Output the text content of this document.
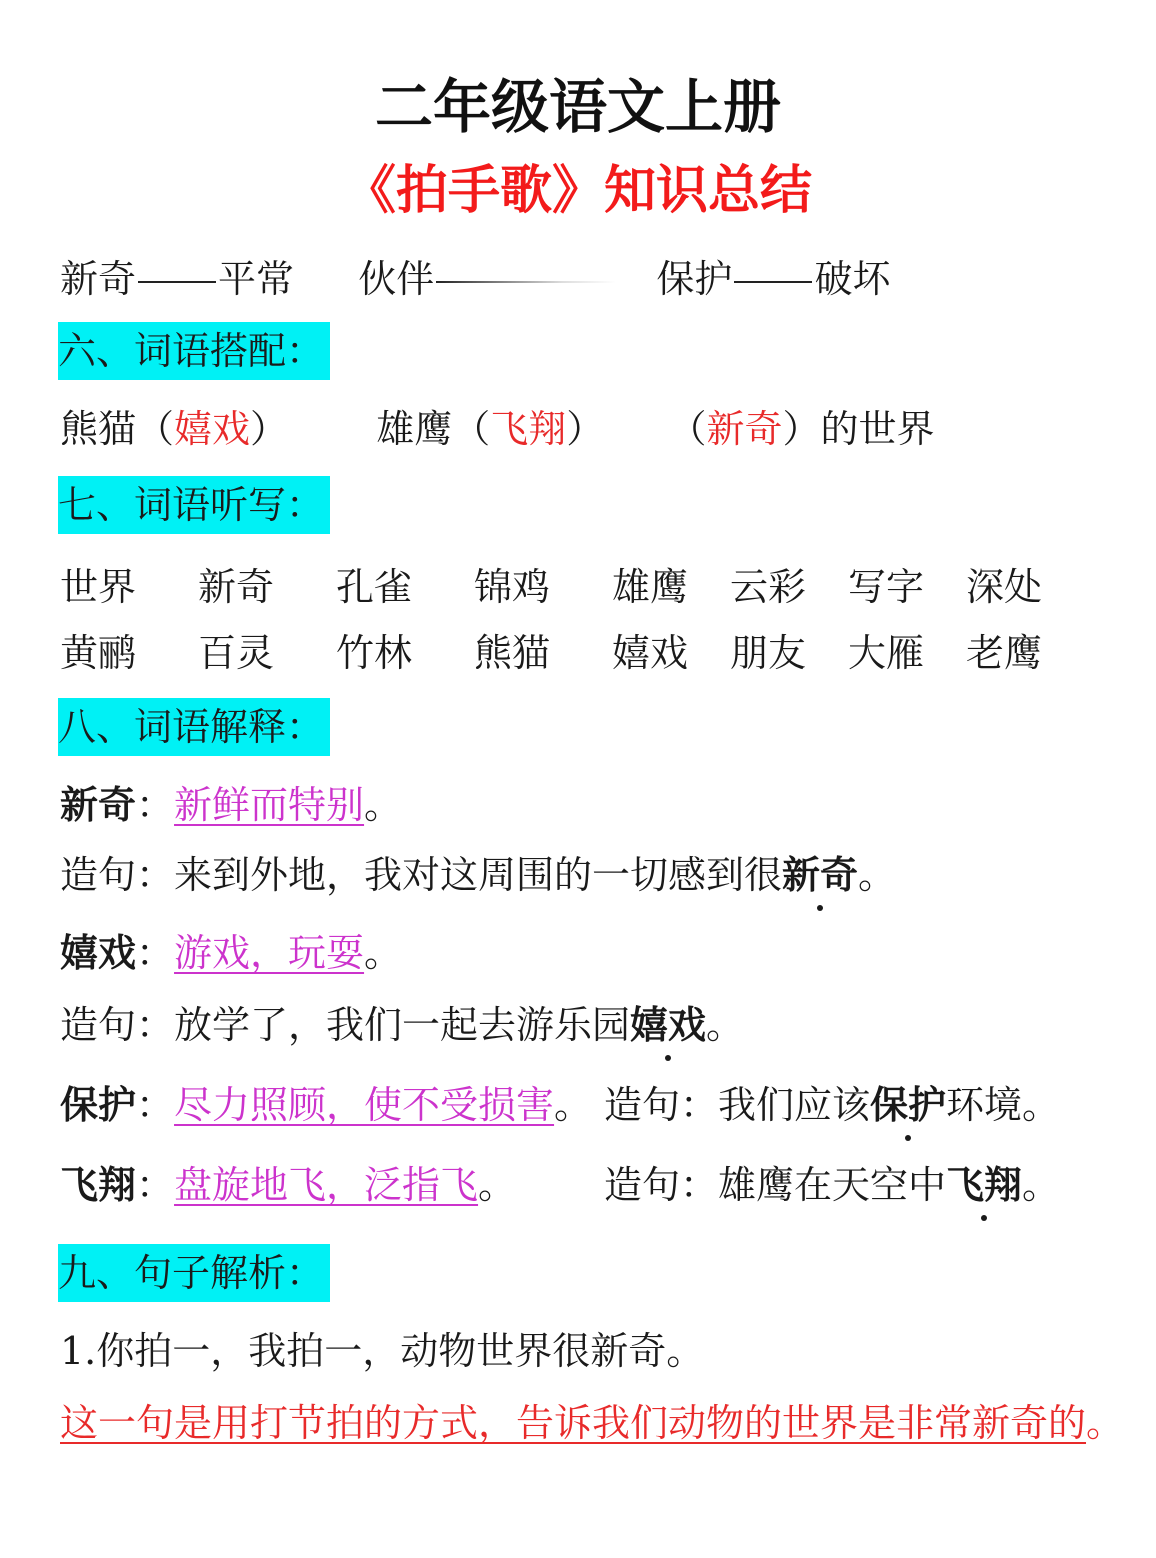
二年级语文上册
《拍手歌》知识总结
新奇 平常 伙伴	保护 破坏
六、词语搭配：
熊猫（嬉戏） 雄鹰（飞翔） （新奇）的世界
七、词语听写：
世界 新奇 孔雀 锦鸡 雄鹰 云彩 写字 深处
黄鹂 百灵 竹林 熊猫 嬉戏 朋友 大雁 老鹰
八、词语解释：
新奇：新鲜而特别。
造句：来到外地，我对这周围的一切感到很新奇。
嬉戏：游戏，玩耍。
造句：放学了，我们一起去游乐园嬉戏。
保护：尽力照顾，使不受损害。 造句：我们应该保护环境。
飞翔：盘旋地飞，泛指飞。 造句：雄鹰在天空中飞翔。
九、句子解析：
1.你拍一，我拍一，动物世界很新奇。
这一句是用打节拍的方式，告诉我们动物的世界是非常新奇的。
